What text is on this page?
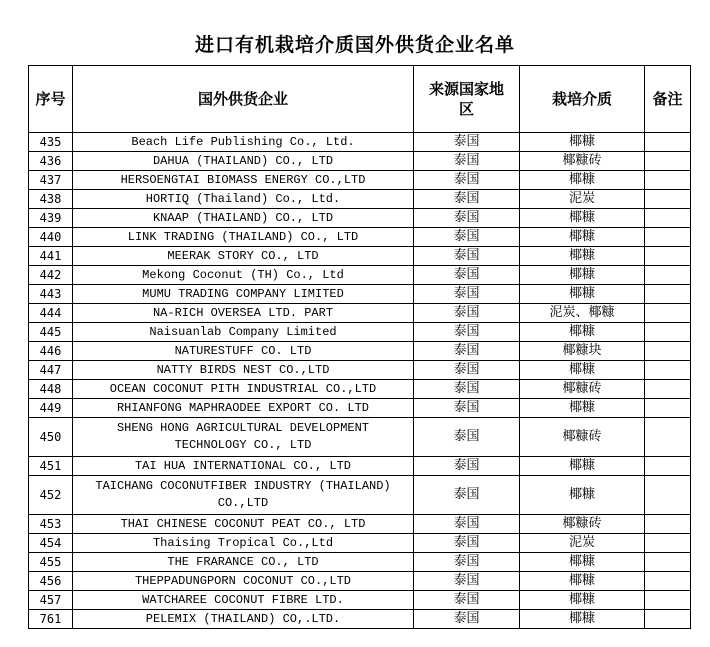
进口有机栽培介质国外供货企业名单
序号	国外供货企业	来源国家地区	栽培介质	备注
435	Beach Life Publishing Co., Ltd.	泰国	椰糠	
436	DAHUA (THAILAND) CO., LTD	泰国	椰糠砖	
437	HERSOENGTAI BIOMASS ENERGY CO.,LTD	泰国	椰糠	
438	HORTIQ (Thailand) Co., Ltd.	泰国	泥炭	
439	KNAAP (THAILAND) CO., LTD	泰国	椰糠	
440	LINK TRADING (THAILAND) CO., LTD	泰国	椰糠	
441	MEERAK STORY CO., LTD	泰国	椰糠	
442	Mekong Coconut (TH) Co., Ltd	泰国	椰糠	
443	MUMU TRADING COMPANY LIMITED	泰国	椰糠	
444	NA-RICH OVERSEA LTD. PART	泰国	泥炭、椰糠	
445	Naisuanlab Company Limited	泰国	椰糠	
446	NATURESTUFF CO. LTD	泰国	椰糠块	
447	NATTY BIRDS NEST CO.,LTD	泰国	椰糠	
448	OCEAN COCONUT PITH INDUSTRIAL CO.,LTD	泰国	椰糠砖	
449	RHIANFONG MAPHRAODEE EXPORT CO. LTD	泰国	椰糠	
450	SHENG HONG AGRICULTURAL DEVELOPMENT TECHNOLOGY CO., LTD	泰国	椰糠砖	
451	TAI HUA INTERNATIONAL CO., LTD	泰国	椰糠	
452	TAICHANG COCONUTFIBER INDUSTRY (THAILAND) CO.,LTD	泰国	椰糠	
453	THAI CHINESE COCONUT PEAT CO., LTD	泰国	椰糠砖	
454	Thaising Tropical Co.,Ltd	泰国	泥炭	
455	THE FRARANCE CO., LTD	泰国	椰糠	
456	THEPPADUNGPORN COCONUT CO.,LTD	泰国	椰糠	
457	WATCHAREE COCONUT FIBRE LTD.	泰国	椰糠	
761	PELEMIX (THAILAND) CO,.LTD.	泰国	椰糠	
